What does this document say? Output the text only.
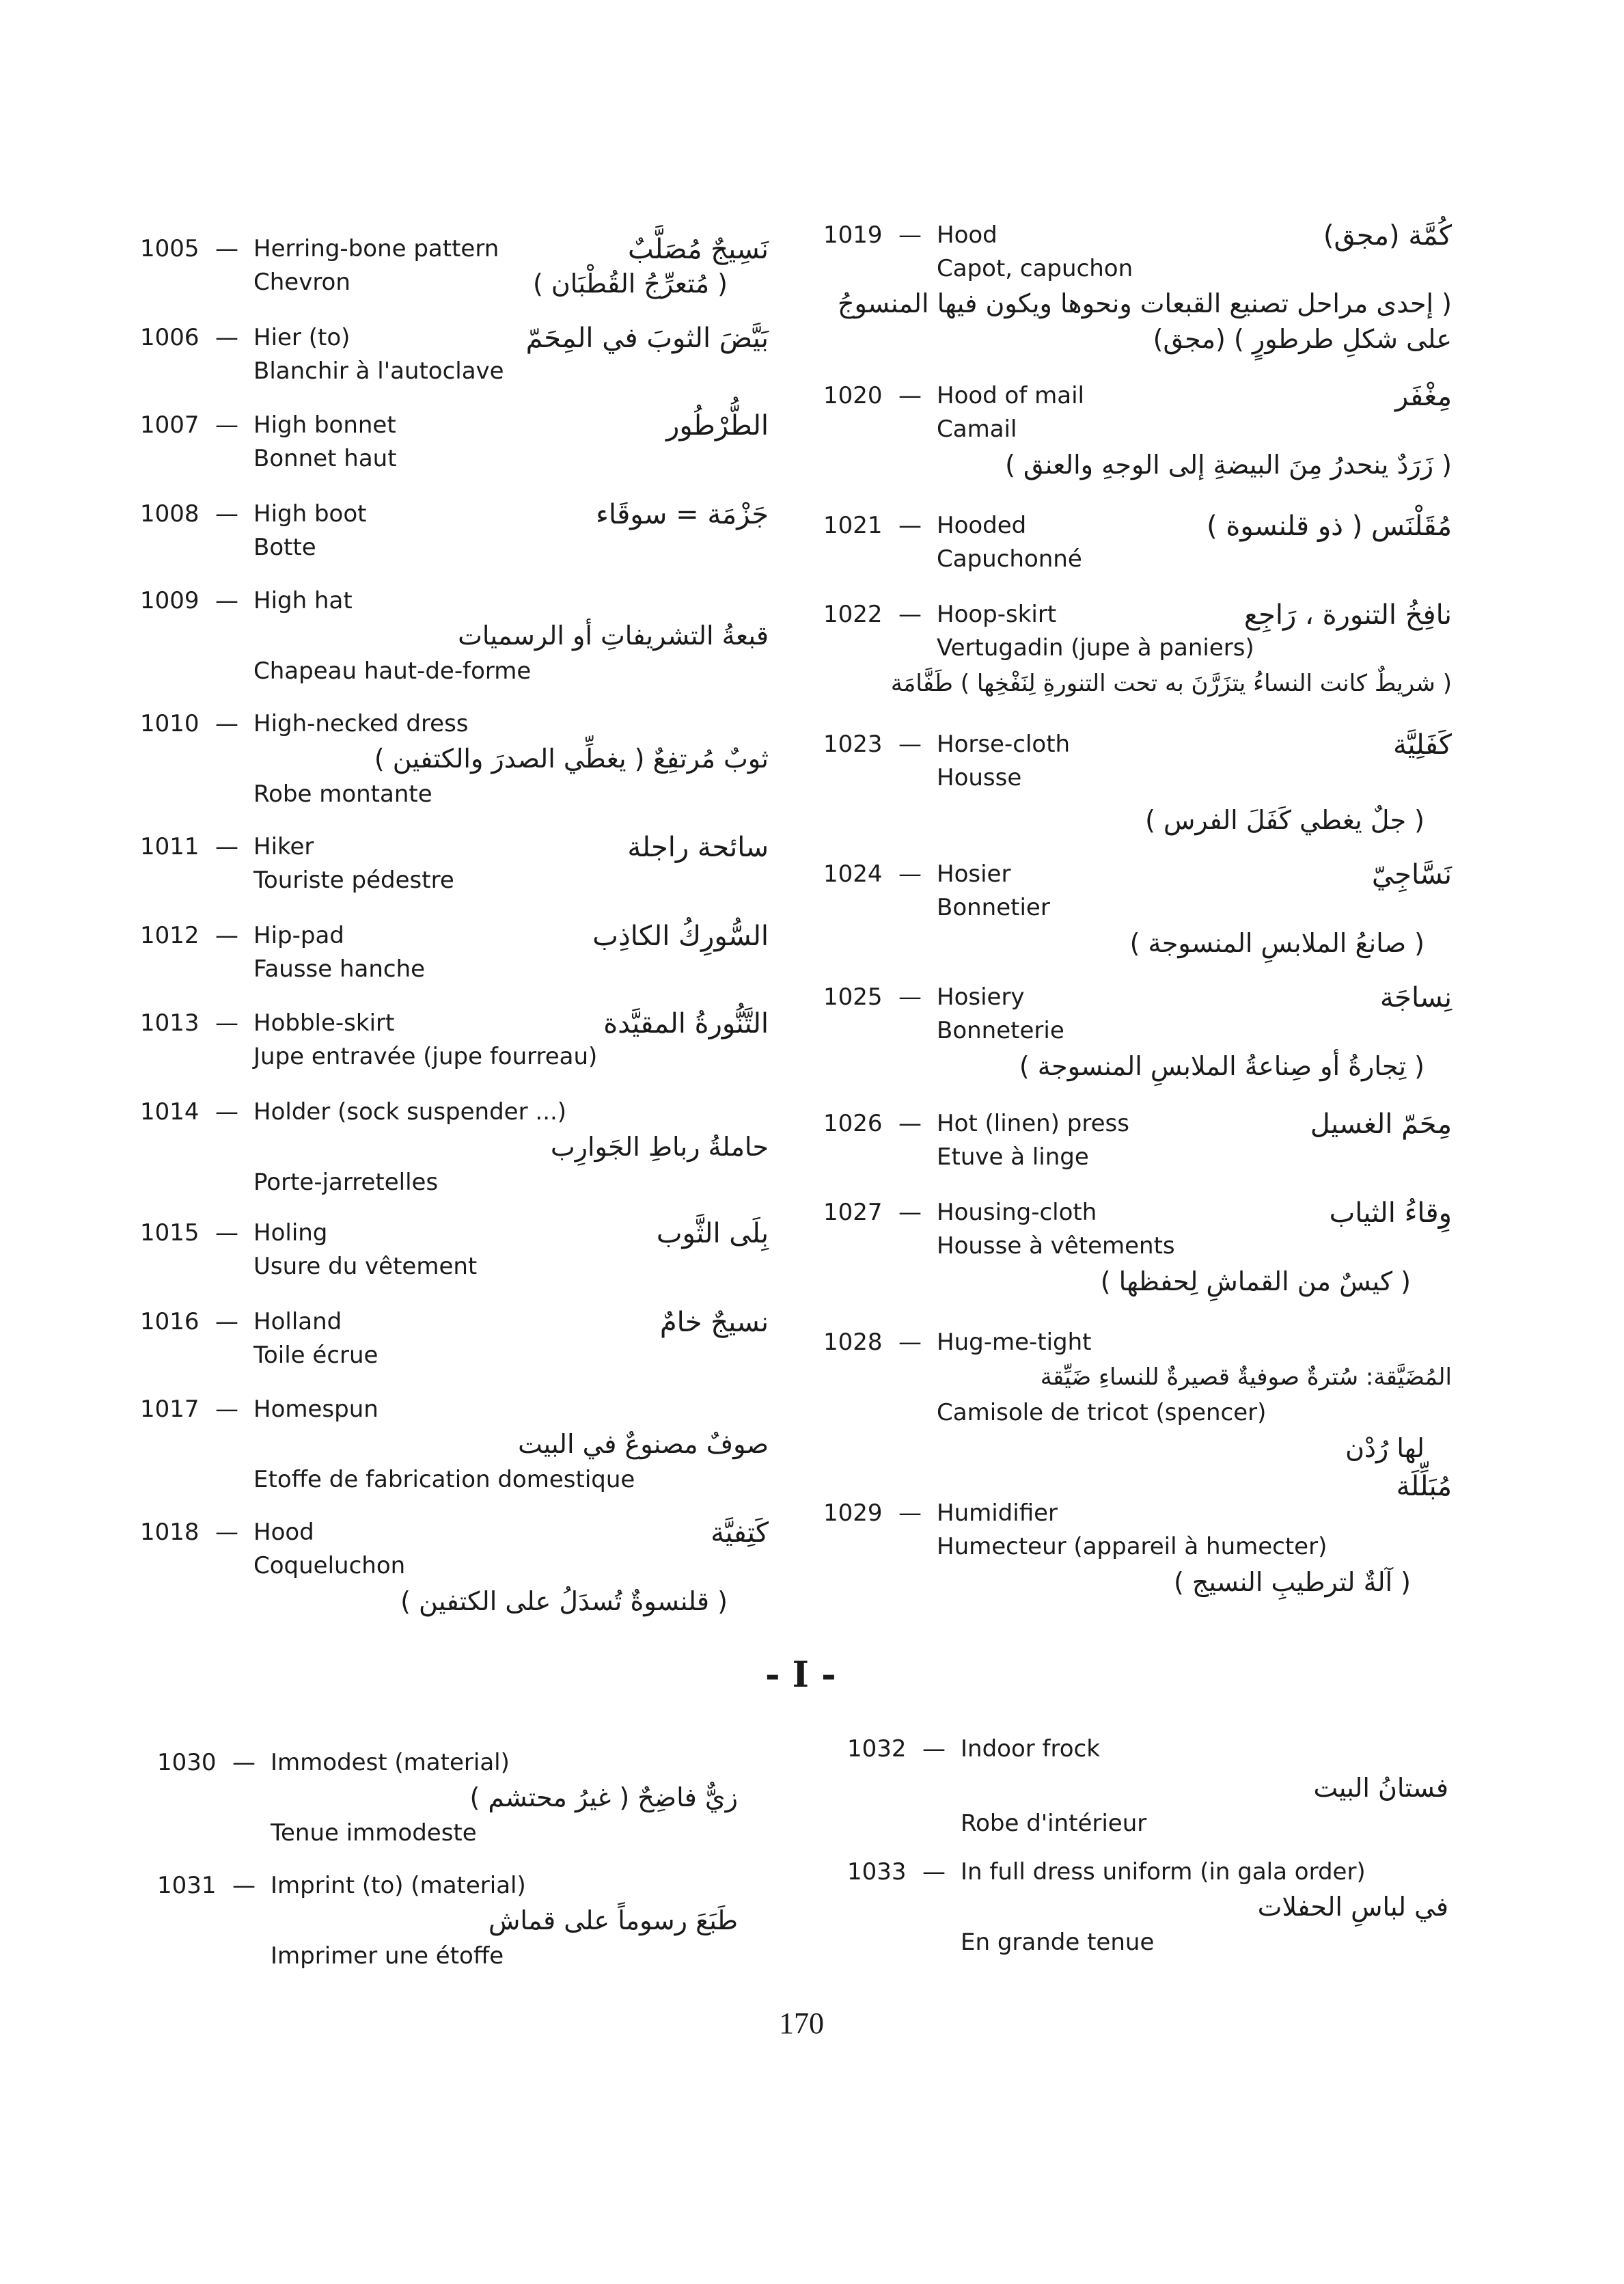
1005 — Herring-bone pattern	نَسِيجٌ مُصَلَّبٌ
Chevron	( مُتعرِّجُ القُطْبَان )
1006 — Hier (to)	بَيَّضَ الثوبَ في المِحَمّ
Blanchir à l'autoclave
1007 — High bonnet	الطُّرْطُور
Bonnet haut
1008 — High boot	جَزْمَة = سوقَاء
Botte
1009 — High hat
قبعةُ التشريفاتِ أو الرسميات
Chapeau haut-de-forme
1010 — High-necked dress
ثوبٌ مُرتفِعٌ ( يغطِّي الصدرَ والكتفين )
Robe montante
1011 — Hiker	سائحة راجلة
Touriste pédestre
1012 — Hip-pad	السُّورِكُ الكاذِب
Fausse hanche
1013 — Hobble-skirt	التَّنُّورةُ المقيَّدة
Jupe entravée (jupe fourreau)
1014 — Holder (sock suspender ...)
حاملةُ رباطِ الجَوارِب
Porte-jarretelles
1015 — Holing	بِلَى الثَّوب
Usure du vêtement
1016 — Holland	نسيجٌ خامٌ
Toile écrue
1017 — Homespun
صوفٌ مصنوعٌ في البيت
Etoffe de fabrication domestique
1018 — Hood	كَتِفيَّة
Coqueluchon
( قلنسوةٌ تُسدَلُ على الكتفين )
1019 — Hood	كُمَّة (مجق)
Capot, capuchon
( إحدى مراحل تصنيع القبعات ونحوها ويكون فيها المنسوجُ على شكلِ طرطورٍ ) (مجق)
1020 — Hood of mail	مِغْفَر
Camail
( زَرَدٌ ينحدرُ مِنَ البيضةِ إلى الوجهِ والعنق )
1021 — Hooded	مُقَلْنَس ( ذو قلنسوة )
Capuchonné
1022 — Hoop-skirt	نافِخُ التنورة ، رَاجِع
Vertugadin (jupe à paniers)
( شريطٌ كانت النساءُ يتزَرَّنَ به تحت التنورةِ لِنَفْخِها ) طَفَّامَة
1023 — Horse-cloth	كَفَلِيَّة
Housse
( جلٌ يغطي كَفَلَ الفرس )
1024 — Hosier	نَسَّاجِيّ
Bonnetier
( صانعُ الملابسِ المنسوجة )
1025 — Hosiery	نِساجَة
Bonneterie
( تِجارةُ أو صِناعةُ الملابسِ المنسوجة )
1026 — Hot (linen) press	مِحَمّ الغسيل
Etuve à linge
1027 — Housing-cloth	وِقاءُ الثياب
Housse à vêtements
( كيسٌ من القماشِ لِحفظها )
1028 — Hug-me-tight
المُضَيَّقة: سُترةٌ صوفيةٌ قصيرةٌ للنساءِ ضَيِّقة
Camisole de tricot (spencer)
لها رُدْن
مُبَلِّلَة
1029 — Humidifier
Humecteur (appareil à humecter)
( آلةٌ لترطيبِ النسيج )
- I -
1030 — Immodest (material)
زيٌّ فاضِحٌ ( غيرُ محتشم )
Tenue immodeste
1031 — Imprint (to) (material)
طَبَعَ رسوماً على قماش
Imprimer une étoffe
1032 — Indoor frock
فستانُ البيت
Robe d'intérieur
1033 — In full dress uniform (in gala order)
في لباسِ الحفلات
En grande tenue
170
